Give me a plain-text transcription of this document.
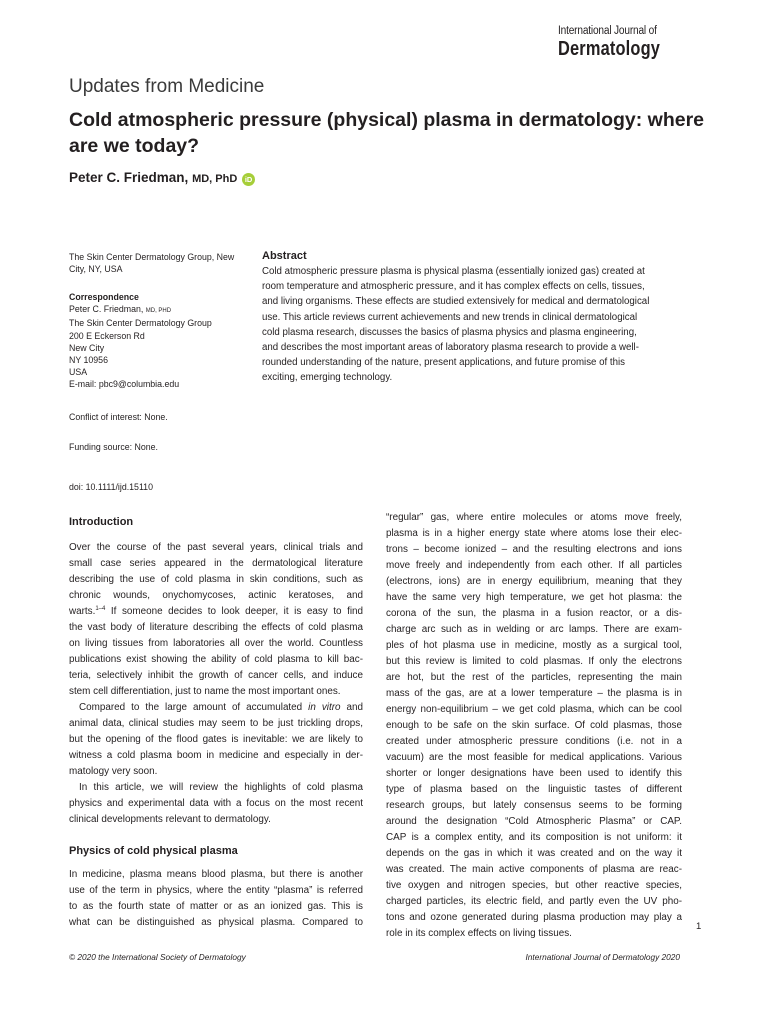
International Journal of
Dermatology
Updates from Medicine
Cold atmospheric pressure (physical) plasma in dermatology: where are we today?
Peter C. Friedman, MD, PhD iD
The Skin Center Dermatology Group, New
City, NY, USA
Correspondence
Peter C. Friedman, MD, PHD
The Skin Center Dermatology Group
200 E Eckerson Rd
New City
NY 10956
USA
E-mail: pbc9@columbia.edu
Conflict of interest: None.
Funding source: None.
doi: 10.1111/ijd.15110
Abstract
Cold atmospheric pressure plasma is physical plasma (essentially ionized gas) created at
room temperature and atmospheric pressure, and it has complex effects on cells, tissues,
and living organisms. These effects are studied extensively for medical and dermatological
use. This article reviews current achievements and new trends in clinical dermatological
cold plasma research, discusses the basics of plasma physics and plasma engineering,
and describes the most important areas of laboratory plasma research to provide a well-
rounded understanding of the nature, present applications, and future promise of this
exciting, emerging technology.
Introduction
Over the course of the past several years, clinical trials and
small case series appeared in the dermatological literature
describing the use of cold plasma in skin conditions, such as
chronic wounds, onychomycoses, actinic keratoses, and
warts.$^{1-4}$ If someone decides to look deeper, it is easy to find
the vast body of literature describing the effects of cold plasma
on living tissues from laboratories all over the world. Countless
publications exist showing the ability of cold plasma to kill bac-
teria, selectively inhibit the growth of cancer cells, and induce
stem cell differentiation, just to name the most important ones.
Compared to the large amount of accumulated in vitro and
animal data, clinical studies may seem to be just trickling drops,
but the opening of the flood gates is inevitable: we are likely to
witness a cold plasma boom in medicine and especially in der-
matology very soon.
In this article, we will review the highlights of cold plasma
physics and experimental data with a focus on the most recent
clinical developments relevant to dermatology.
Physics of cold physical plasma
In medicine, plasma means blood plasma, but there is another
use of the term in physics, where the entity “plasma” is referred
to as the fourth state of matter or as an ionized gas. This is
what can be distinguished as physical plasma. Compared to
“regular” gas, where entire molecules or atoms move freely,
plasma is in a higher energy state where atoms lose their elec-
trons – become ionized – and the resulting electrons and ions
move freely and independently from each other. If all particles
(electrons, ions) are in energy equilibrium, meaning that they
have the same very high temperature, we get hot plasma: the
corona of the sun, the plasma in a fusion reactor, or a dis-
charge arc such as in welding or arc lamps. There are exam-
ples of hot plasma use in medicine, mostly as a surgical tool,
but this review is limited to cold plasmas. If only the electrons
are hot, but the rest of the particles, representing the main
mass of the gas, are at a lower temperature – the plasma is in
energy non-equilibrium – we get cold plasma, which can be cool
enough to be safe on the skin surface. Of cold plasmas, those
created under atmospheric pressure conditions (i.e. not in a
vacuum) are the most feasible for medical applications. Various
shorter or longer designations have been used to identify this
type of plasma based on the linguistic tastes of different
research groups, but lately consensus seems to be forming
around the designation “Cold Atmospheric Plasma” or CAP.
CAP is a complex entity, and its composition is not uniform: it
depends on the gas in which it was created and on the way it
was created. The main active components of plasma are reac-
tive oxygen and nitrogen species, but other reactive species,
charged particles, its electric field, and partly even the UV pho-
tons and ozone generated during plasma production may play a
role in its complex effects on living tissues.
1
© 2020 the International Society of Dermatology	International Journal of Dermatology 2020
